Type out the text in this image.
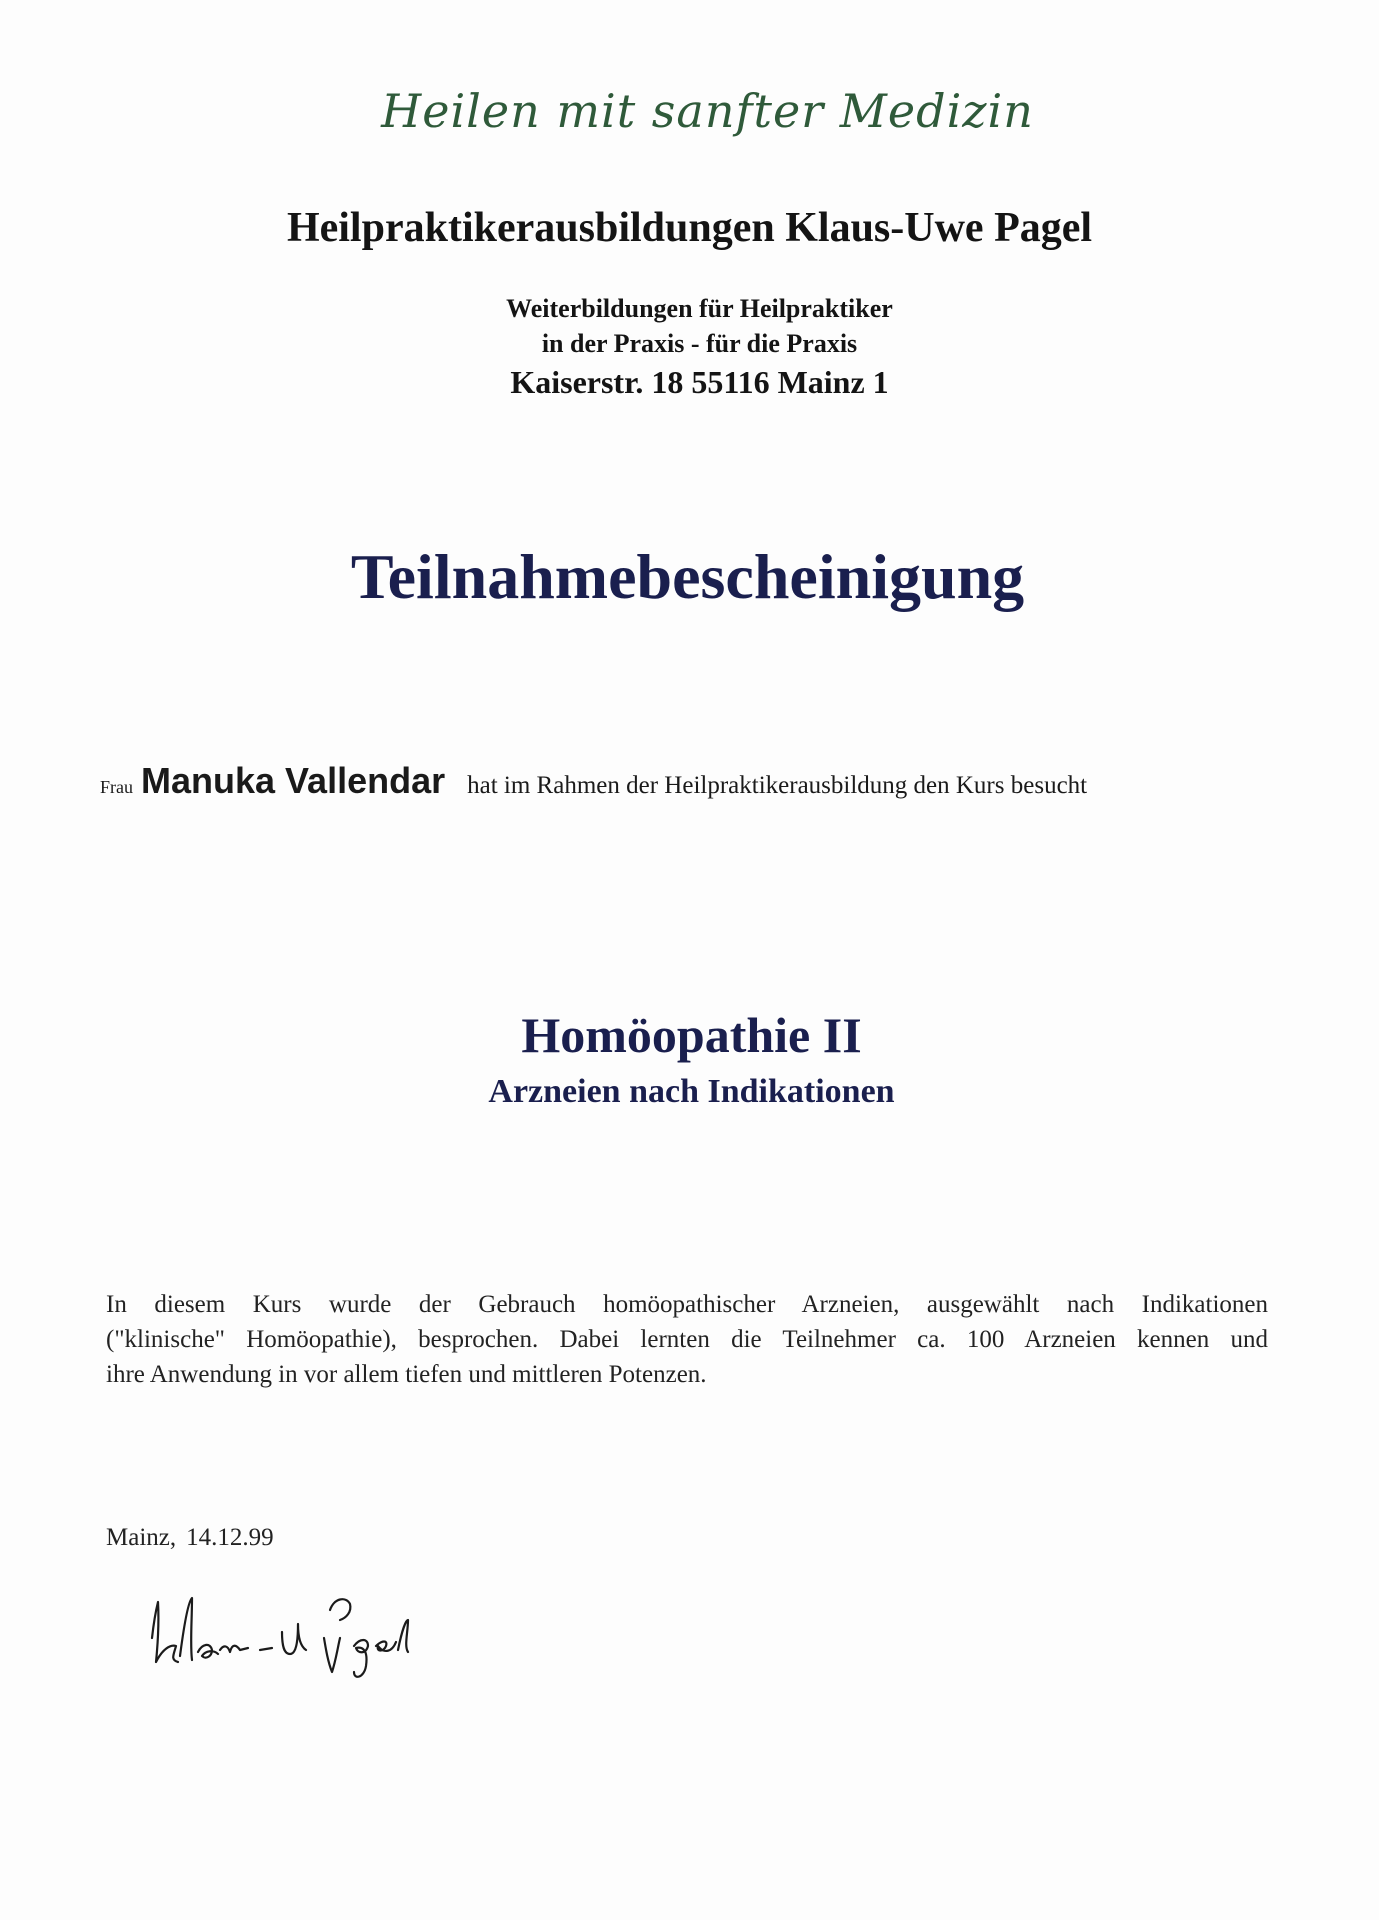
Heilen mit sanfter Medizin
Heilpraktikerausbildungen Klaus-Uwe Pagel
Weiterbildungen für Heilpraktiker
in der Praxis - für die Praxis
Kaiserstr. 18 55116 Mainz 1
Teilnahmebescheinigung
Frau Manuka Vallendar hat im Rahmen der Heilpraktikerausbildung den Kurs besucht
Homöopathie II
Arzneien nach Indikationen
In diesem Kurs wurde der Gebrauch homöopathischer Arzneien, ausgewählt nach Indikationen
("klinische" Homöopathie), besprochen. Dabei lernten die Teilnehmer ca. 100 Arzneien kennen und
ihre Anwendung in vor allem tiefen und mittleren Potenzen.
Mainz, 14.12.99
